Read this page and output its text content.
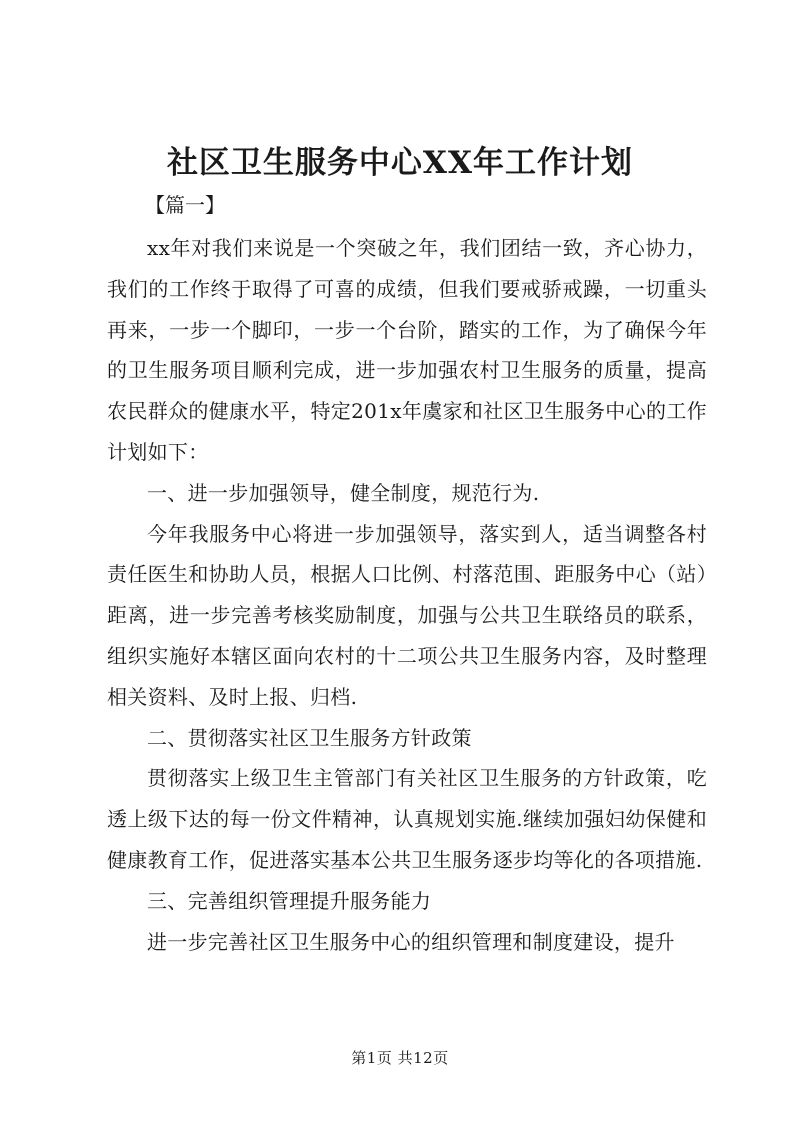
社区卫生服务中心XX年工作计划
【篇一】

xx年对我们来说是一个突破之年，我们团结一致，齐心协力，我们的工作终于取得了可喜的成绩，但我们要戒骄戒躁，一切重头再来，一步一个脚印，一步一个台阶，踏实的工作，为了确保今年的卫生服务项目顺利完成，进一步加强农村卫生服务的质量，提高农民群众的健康水平，特定201x年虞家和社区卫生服务中心的工作计划如下：

一、进一步加强领导，健全制度，规范行为.

今年我服务中心将进一步加强领导，落实到人，适当调整各村责任医生和协助人员，根据人口比例、村落范围、距服务中心（站）距离，进一步完善考核奖励制度，加强与公共卫生联络员的联系，组织实施好本辖区面向农村的十二项公共卫生服务内容，及时整理相关资料、及时上报、归档.

二、贯彻落实社区卫生服务方针政策

贯彻落实上级卫生主管部门有关社区卫生服务的方针政策，吃透上级下达的每一份文件精神，认真规划实施.继续加强妇幼保健和健康教育工作，促进落实基本公共卫生服务逐步均等化的各项措施.

三、完善组织管理提升服务能力

进一步完善社区卫生服务中心的组织管理和制度建设，提升

第1页 共12页
